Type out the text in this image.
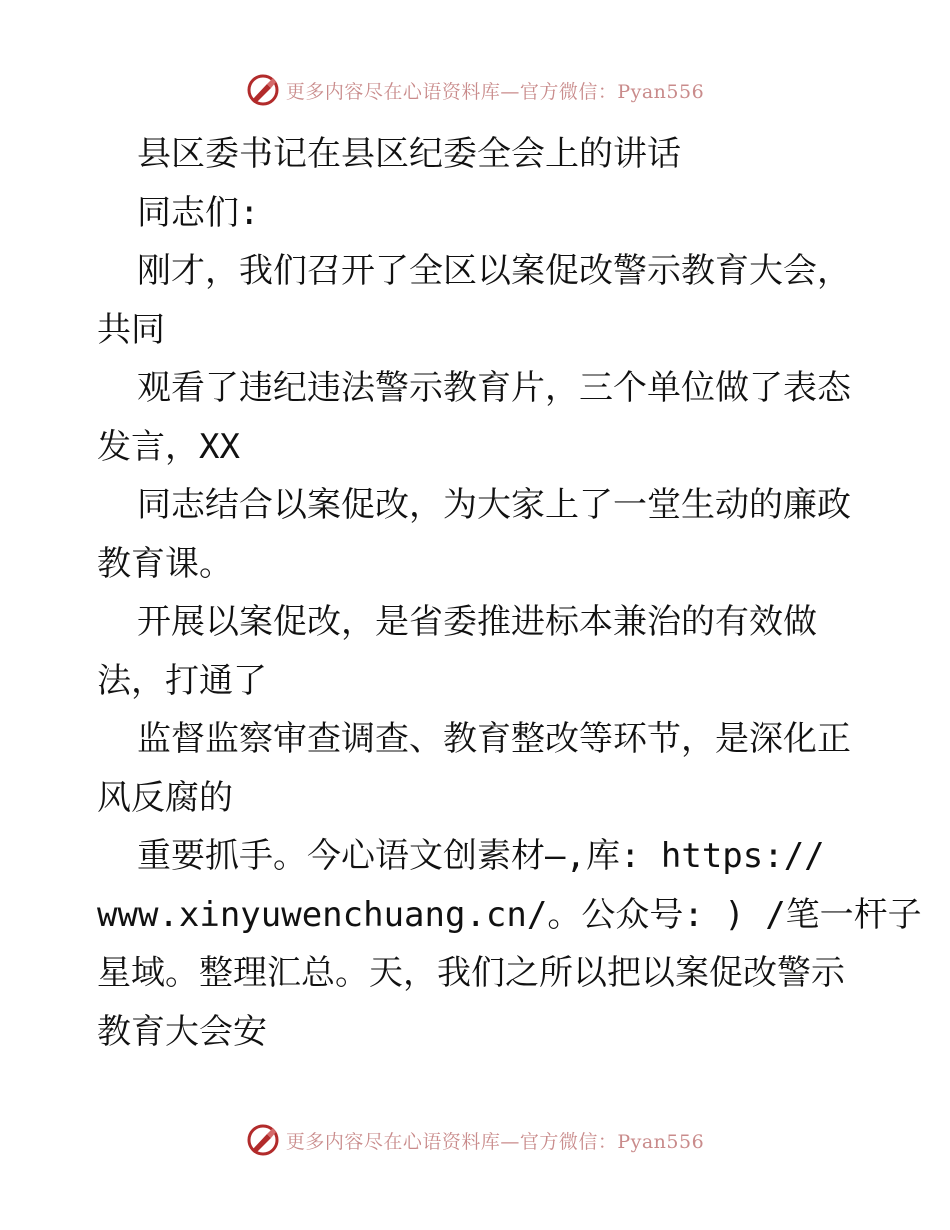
更多内容尽在心语资料库—官方微信：Pyan556
县区委书记在县区纪委全会上的讲话
同志们:
刚才，我们召开了全区以案促改警示教育大会，
共同
观看了违纪违法警示教育片，三个单位做了表态
发言，XX
同志结合以案促改，为大家上了一堂生动的廉政
教育课。
开展以案促改，是省委推进标本兼治的有效做
法，打通了
监督监察审查调查、教育整改等环节，是深化正
风反腐的
重要抓手。今心语文创素材—,库: https://
www.xinyuwenchuang.cn/。公众号: ) /笔一杆子
星域。整理汇总。天，我们之所以把以案促改警示
教育大会安
更多内容尽在心语资料库—官方微信：Pyan556
